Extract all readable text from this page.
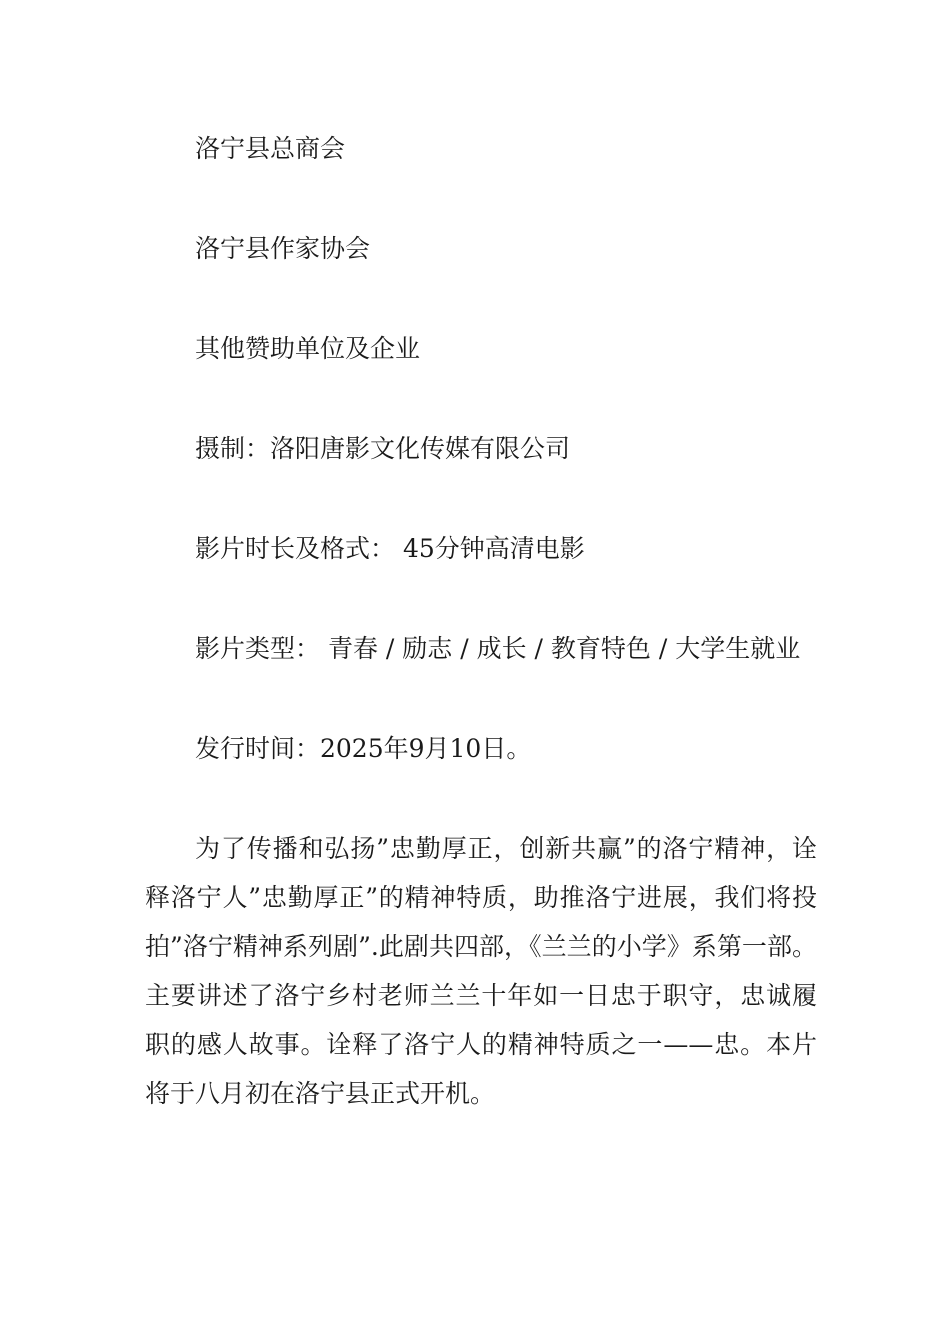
洛宁县总商会

洛宁县作家协会

其他赞助单位及企业

摄制：洛阳唐影文化传媒有限公司

影片时长及格式： 45分钟高清电影

影片类型： 青春 / 励志 / 成长 / 教育特色 / 大学生就业

发行时间：2025年9月10日。

为了传播和弘扬”忠勤厚正，创新共赢”的洛宁精神，诠释洛宁人”忠勤厚正”的精神特质，助推洛宁进展，我们将投拍”洛宁精神系列剧”.此剧共四部，《兰兰的小学》系第一部。主要讲述了洛宁乡村老师兰兰十年如一日忠于职守，忠诚履职的感人故事。诠释了洛宁人的精神特质之一——忠。本片将于八月初在洛宁县正式开机。
